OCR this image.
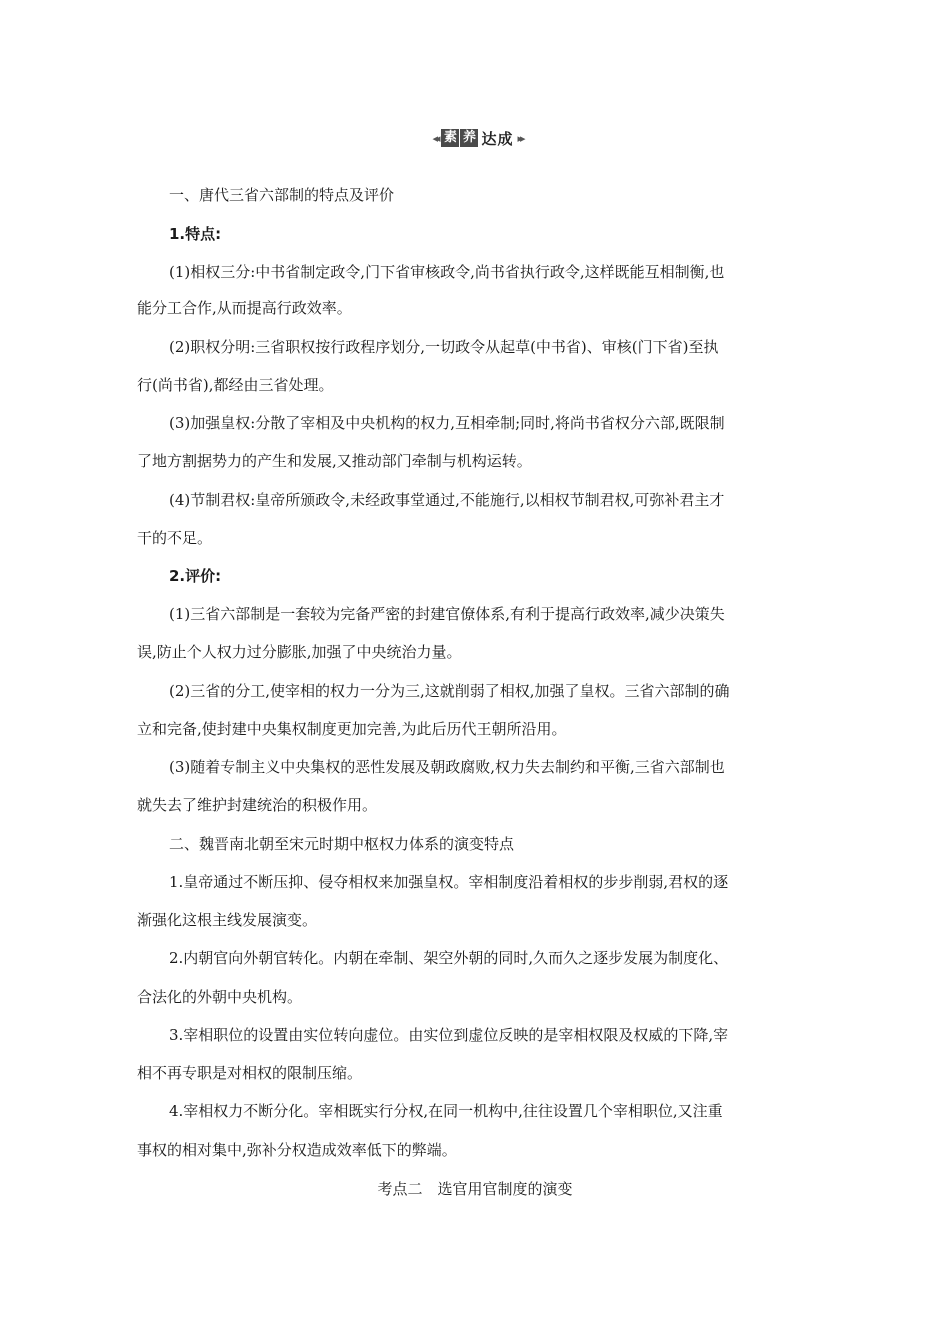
◂◂ 素 养 达成 ▸▸
一、唐代三省六部制的特点及评价
1.特点:
(1)相权三分:中书省制定政令,门下省审核政令,尚书省执行政令,这样既能互相制衡,也
能分工合作,从而提高行政效率。
(2)职权分明:三省职权按行政程序划分,一切政令从起草(中书省)、审核(门下省)至执
行(尚书省),都经由三省处理。
(3)加强皇权:分散了宰相及中央机构的权力,互相牵制;同时,将尚书省权分六部,既限制
了地方割据势力的产生和发展,又推动部门牵制与机构运转。
(4)节制君权:皇帝所颁政令,未经政事堂通过,不能施行,以相权节制君权,可弥补君主才
干的不足。
2.评价:
(1)三省六部制是一套较为完备严密的封建官僚体系,有利于提高行政效率,减少决策失
误,防止个人权力过分膨胀,加强了中央统治力量。
(2)三省的分工,使宰相的权力一分为三,这就削弱了相权,加强了皇权。三省六部制的确
立和完备,使封建中央集权制度更加完善,为此后历代王朝所沿用。
(3)随着专制主义中央集权的恶性发展及朝政腐败,权力失去制约和平衡,三省六部制也
就失去了维护封建统治的积极作用。
二、魏晋南北朝至宋元时期中枢权力体系的演变特点
1.皇帝通过不断压抑、侵夺相权来加强皇权。宰相制度沿着相权的步步削弱,君权的逐
渐强化这根主线发展演变。
2.内朝官向外朝官转化。内朝在牵制、架空外朝的同时,久而久之逐步发展为制度化、
合法化的外朝中央机构。
3.宰相职位的设置由实位转向虚位。由实位到虚位反映的是宰相权限及权威的下降,宰
相不再专职是对相权的限制压缩。
4.宰相权力不断分化。宰相既实行分权,在同一机构中,往往设置几个宰相职位,又注重
事权的相对集中,弥补分权造成效率低下的弊端。
考点二　选官用官制度的演变
